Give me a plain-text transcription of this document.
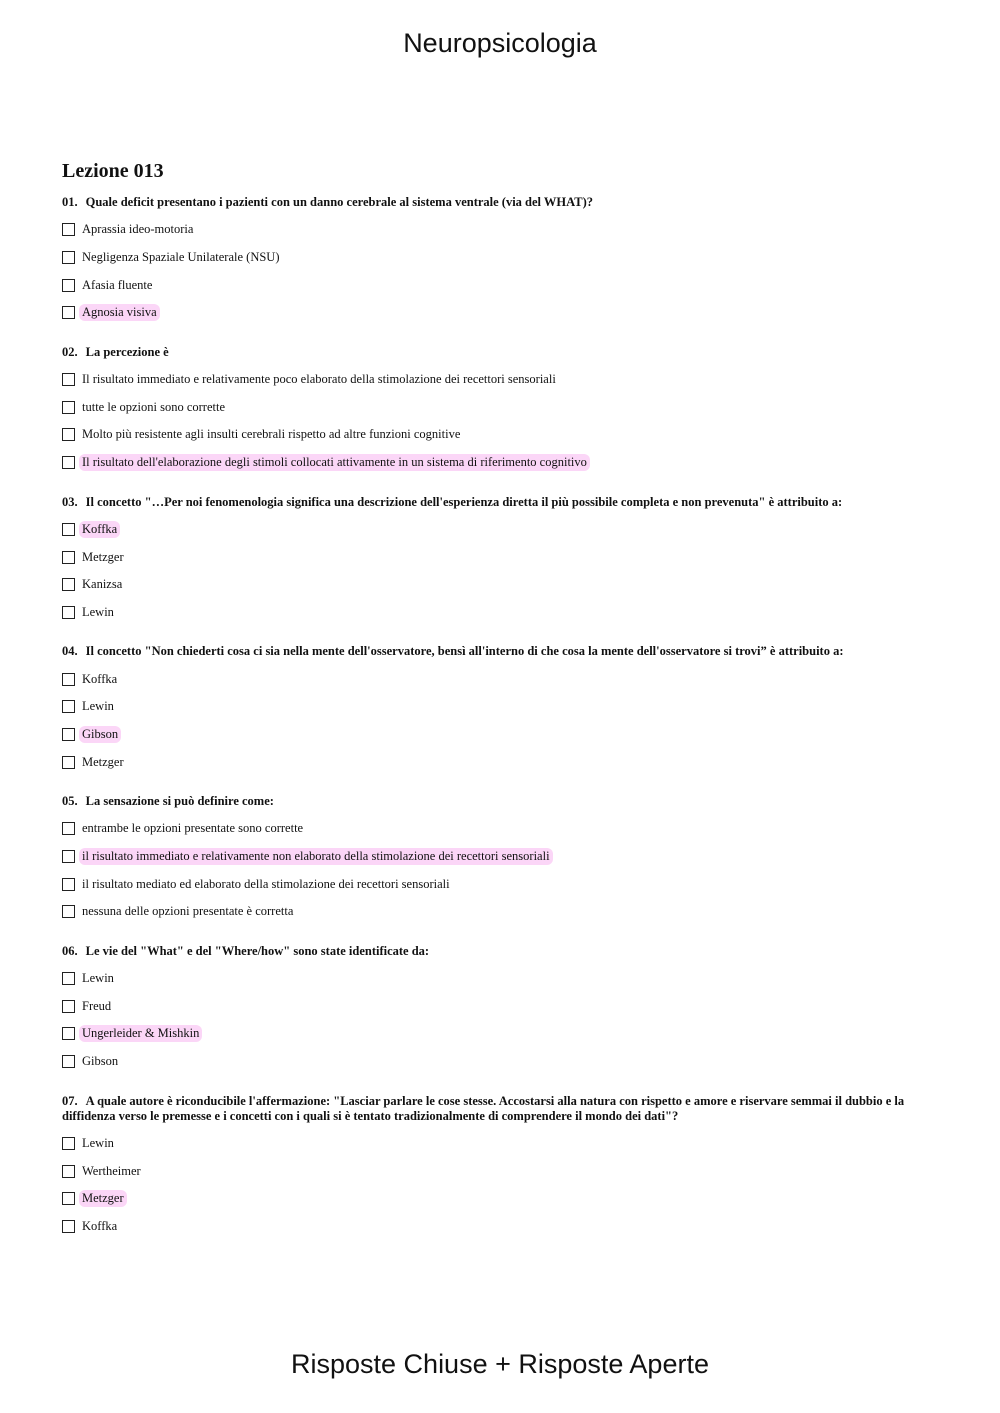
Neuropsicologia
Lezione 013
01. Quale deficit presentano i pazienti con un danno cerebrale al sistema ventrale (via del WHAT)?
Aprassia ideo-motoria
Negligenza Spaziale Unilaterale (NSU)
Afasia fluente
Agnosia visiva
02. La percezione è
Il risultato immediato e relativamente poco elaborato della stimolazione dei recettori sensoriali
tutte le opzioni sono corrette
Molto più resistente agli insulti cerebrali rispetto ad altre funzioni cognitive
Il risultato dell'elaborazione degli stimoli collocati attivamente in un sistema di riferimento cognitivo
03. Il concetto "…Per noi fenomenologia significa una descrizione dell'esperienza diretta il più possibile completa e non prevenuta" è attribuito a:
Koffka
Metzger
Kanizsa
Lewin
04. Il concetto "Non chiederti cosa ci sia nella mente dell'osservatore, bensì all'interno di che cosa la mente dell'osservatore si trovi” è attribuito a:
Koffka
Lewin
Gibson
Metzger
05. La sensazione si può definire come:
entrambe le opzioni presentate sono corrette
il risultato immediato e relativamente non elaborato della stimolazione dei recettori sensoriali
il risultato mediato ed elaborato della stimolazione dei recettori sensoriali
nessuna delle opzioni presentate è corretta
06. Le vie del "What" e del "Where/how" sono state identificate da:
Lewin
Freud
Ungerleider & Mishkin
Gibson
07. A quale autore è riconducibile l'affermazione: "Lasciar parlare le cose stesse. Accostarsi alla natura con rispetto e amore e riservare semmai il dubbio e la diffidenza verso le premesse e i concetti con i quali si è tentato tradizionalmente di comprendere il mondo dei dati"?
Lewin
Wertheimer
Metzger
Koffka
Risposte Chiuse + Risposte Aperte
